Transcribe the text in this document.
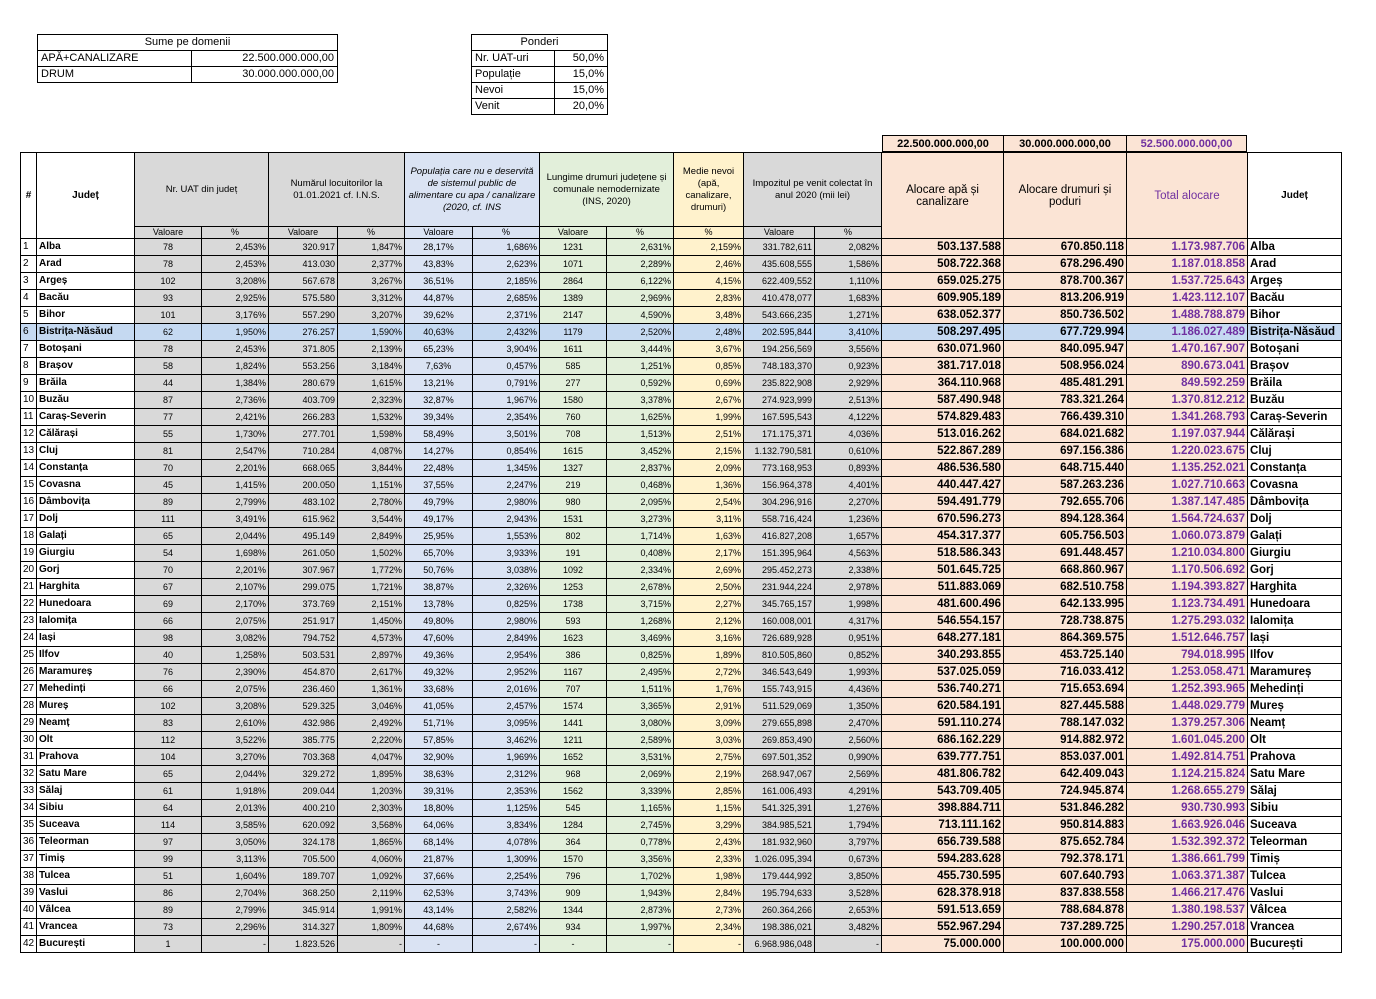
Sume pe domenii	
APĂ+CANALIZARE	22.500.000.000,00
DRUM	30.000.000.000,00
Ponderi	
Nr. UAT-uri	50,0%
Populație	15,0%
Nevoi	15,0%
Venit	20,0%
22.500.000.000,00	30.000.000.000,00	52.500.000.000,00
#	Județ	Nr. UAT din județ		Numărul locuitorilor la 01.01.2021 cf. I.N.S.		Populația care nu e deservită de sistemul public de alimentare cu apa / canalizare (2020, cf. INS		Lungime drumuri județene și comunale nemodernizate (INS, 2020)		Medie nevoi (apă, canalizare, drumuri)	Impozitul pe venit colectat în anul 2020 (mii lei)		Alocare apă și canalizare	Alocare drumuri și poduri	Total alocare	Județ
		Valoare	%	Valoare	%	Valoare	%	Valoare	%	%	Valoare	%				
1	Alba	78	2,453%	320.917	1,847%	28,17%	1,686%	1231	2,631%	2,159%	331.782,611	2,082%	503.137.588	670.850.118	1.173.987.706	Alba
2	Arad	78	2,453%	413.030	2,377%	43,83%	2,623%	1071	2,289%	2,46%	435.608,555	1,586%	508.722.368	678.296.490	1.187.018.858	Arad
3	Argeș	102	3,208%	567.678	3,267%	36,51%	2,185%	2864	6,122%	4,15%	622.409,552	1,110%	659.025.275	878.700.367	1.537.725.643	Argeș
4	Bacău	93	2,925%	575.580	3,312%	44,87%	2,685%	1389	2,969%	2,83%	410.478,077	1,683%	609.905.189	813.206.919	1.423.112.107	Bacău
5	Bihor	101	3,176%	557.290	3,207%	39,62%	2,371%	2147	4,590%	3,48%	543.666,235	1,271%	638.052.377	850.736.502	1.488.788.879	Bihor
6	Bistrița-Năsăud	62	1,950%	276.257	1,590%	40,63%	2,432%	1179	2,520%	2,48%	202.595,844	3,410%	508.297.495	677.729.994	1.186.027.489	Bistrița-Năsăud
7	Botoșani	78	2,453%	371.805	2,139%	65,23%	3,904%	1611	3,444%	3,67%	194.256,569	3,556%	630.071.960	840.095.947	1.470.167.907	Botoșani
8	Brașov	58	1,824%	553.256	3,184%	7,63%	0,457%	585	1,251%	0,85%	748.183,370	0,923%	381.717.018	508.956.024	890.673.041	Brașov
9	Brăila	44	1,384%	280.679	1,615%	13,21%	0,791%	277	0,592%	0,69%	235.822,908	2,929%	364.110.968	485.481.291	849.592.259	Brăila
10	Buzău	87	2,736%	403.709	2,323%	32,87%	1,967%	1580	3,378%	2,67%	274.923,999	2,513%	587.490.948	783.321.264	1.370.812.212	Buzău
11	Caraș-Severin	77	2,421%	266.283	1,532%	39,34%	2,354%	760	1,625%	1,99%	167.595,543	4,122%	574.829.483	766.439.310	1.341.268.793	Caraș-Severin
12	Călărași	55	1,730%	277.701	1,598%	58,49%	3,501%	708	1,513%	2,51%	171.175,371	4,036%	513.016.262	684.021.682	1.197.037.944	Călărași
13	Cluj	81	2,547%	710.284	4,087%	14,27%	0,854%	1615	3,452%	2,15%	1.132.790,581	0,610%	522.867.289	697.156.386	1.220.023.675	Cluj
14	Constanța	70	2,201%	668.065	3,844%	22,48%	1,345%	1327	2,837%	2,09%	773.168,953	0,893%	486.536.580	648.715.440	1.135.252.021	Constanța
15	Covasna	45	1,415%	200.050	1,151%	37,55%	2,247%	219	0,468%	1,36%	156.964,378	4,401%	440.447.427	587.263.236	1.027.710.663	Covasna
16	Dâmbovița	89	2,799%	483.102	2,780%	49,79%	2,980%	980	2,095%	2,54%	304.296,916	2,270%	594.491.779	792.655.706	1.387.147.485	Dâmbovița
17	Dolj	111	3,491%	615.962	3,544%	49,17%	2,943%	1531	3,273%	3,11%	558.716,424	1,236%	670.596.273	894.128.364	1.564.724.637	Dolj
18	Galați	65	2,044%	495.149	2,849%	25,95%	1,553%	802	1,714%	1,63%	416.827,208	1,657%	454.317.377	605.756.503	1.060.073.879	Galați
19	Giurgiu	54	1,698%	261.050	1,502%	65,70%	3,933%	191	0,408%	2,17%	151.395,964	4,563%	518.586.343	691.448.457	1.210.034.800	Giurgiu
20	Gorj	70	2,201%	307.967	1,772%	50,76%	3,038%	1092	2,334%	2,69%	295.452,273	2,338%	501.645.725	668.860.967	1.170.506.692	Gorj
21	Harghita	67	2,107%	299.075	1,721%	38,87%	2,326%	1253	2,678%	2,50%	231.944,224	2,978%	511.883.069	682.510.758	1.194.393.827	Harghita
22	Hunedoara	69	2,170%	373.769	2,151%	13,78%	0,825%	1738	3,715%	2,27%	345.765,157	1,998%	481.600.496	642.133.995	1.123.734.491	Hunedoara
23	Ialomița	66	2,075%	251.917	1,450%	49,80%	2,980%	593	1,268%	2,12%	160.008,001	4,317%	546.554.157	728.738.875	1.275.293.032	Ialomița
24	Iași	98	3,082%	794.752	4,573%	47,60%	2,849%	1623	3,469%	3,16%	726.689,928	0,951%	648.277.181	864.369.575	1.512.646.757	Iași
25	Ilfov	40	1,258%	503.531	2,897%	49,36%	2,954%	386	0,825%	1,89%	810.505,860	0,852%	340.293.855	453.725.140	794.018.995	Ilfov
26	Maramureș	76	2,390%	454.870	2,617%	49,32%	2,952%	1167	2,495%	2,72%	346.543,649	1,993%	537.025.059	716.033.412	1.253.058.471	Maramureș
27	Mehedinți	66	2,075%	236.460	1,361%	33,68%	2,016%	707	1,511%	1,76%	155.743,915	4,436%	536.740.271	715.653.694	1.252.393.965	Mehedinți
28	Mureș	102	3,208%	529.325	3,046%	41,05%	2,457%	1574	3,365%	2,91%	511.529,069	1,350%	620.584.191	827.445.588	1.448.029.779	Mureș
29	Neamț	83	2,610%	432.986	2,492%	51,71%	3,095%	1441	3,080%	3,09%	279.655,898	2,470%	591.110.274	788.147.032	1.379.257.306	Neamț
30	Olt	112	3,522%	385.775	2,220%	57,85%	3,462%	1211	2,589%	3,03%	269.853,490	2,560%	686.162.229	914.882.972	1.601.045.200	Olt
31	Prahova	104	3,270%	703.368	4,047%	32,90%	1,969%	1652	3,531%	2,75%	697.501,352	0,990%	639.777.751	853.037.001	1.492.814.751	Prahova
32	Satu Mare	65	2,044%	329.272	1,895%	38,63%	2,312%	968	2,069%	2,19%	268.947,067	2,569%	481.806.782	642.409.043	1.124.215.824	Satu Mare
33	Sălaj	61	1,918%	209.044	1,203%	39,31%	2,353%	1562	3,339%	2,85%	161.006,493	4,291%	543.709.405	724.945.874	1.268.655.279	Sălaj
34	Sibiu	64	2,013%	400.210	2,303%	18,80%	1,125%	545	1,165%	1,15%	541.325,391	1,276%	398.884.711	531.846.282	930.730.993	Sibiu
35	Suceava	114	3,585%	620.092	3,568%	64,06%	3,834%	1284	2,745%	3,29%	384.985,521	1,794%	713.111.162	950.814.883	1.663.926.046	Suceava
36	Teleorman	97	3,050%	324.178	1,865%	68,14%	4,078%	364	0,778%	2,43%	181.932,960	3,797%	656.739.588	875.652.784	1.532.392.372	Teleorman
37	Timiș	99	3,113%	705.500	4,060%	21,87%	1,309%	1570	3,356%	2,33%	1.026.095,394	0,673%	594.283.628	792.378.171	1.386.661.799	Timiș
38	Tulcea	51	1,604%	189.707	1,092%	37,66%	2,254%	796	1,702%	1,98%	179.444,992	3,850%	455.730.595	607.640.793	1.063.371.387	Tulcea
39	Vaslui	86	2,704%	368.250	2,119%	62,53%	3,743%	909	1,943%	2,84%	195.794,633	3,528%	628.378.918	837.838.558	1.466.217.476	Vaslui
40	Vâlcea	89	2,799%	345.914	1,991%	43,14%	2,582%	1344	2,873%	2,73%	260.364,266	2,653%	591.513.659	788.684.878	1.380.198.537	Vâlcea
41	Vrancea	73	2,296%	314.327	1,809%	44,68%	2,674%	934	1,997%	2,34%	198.386,021	3,482%	552.967.294	737.289.725	1.290.257.018	Vrancea
42	București	1	-	1.823.526	-	-	-	-	-	-	6.968.986,048	-	75.000.000	100.000.000	175.000.000	București
